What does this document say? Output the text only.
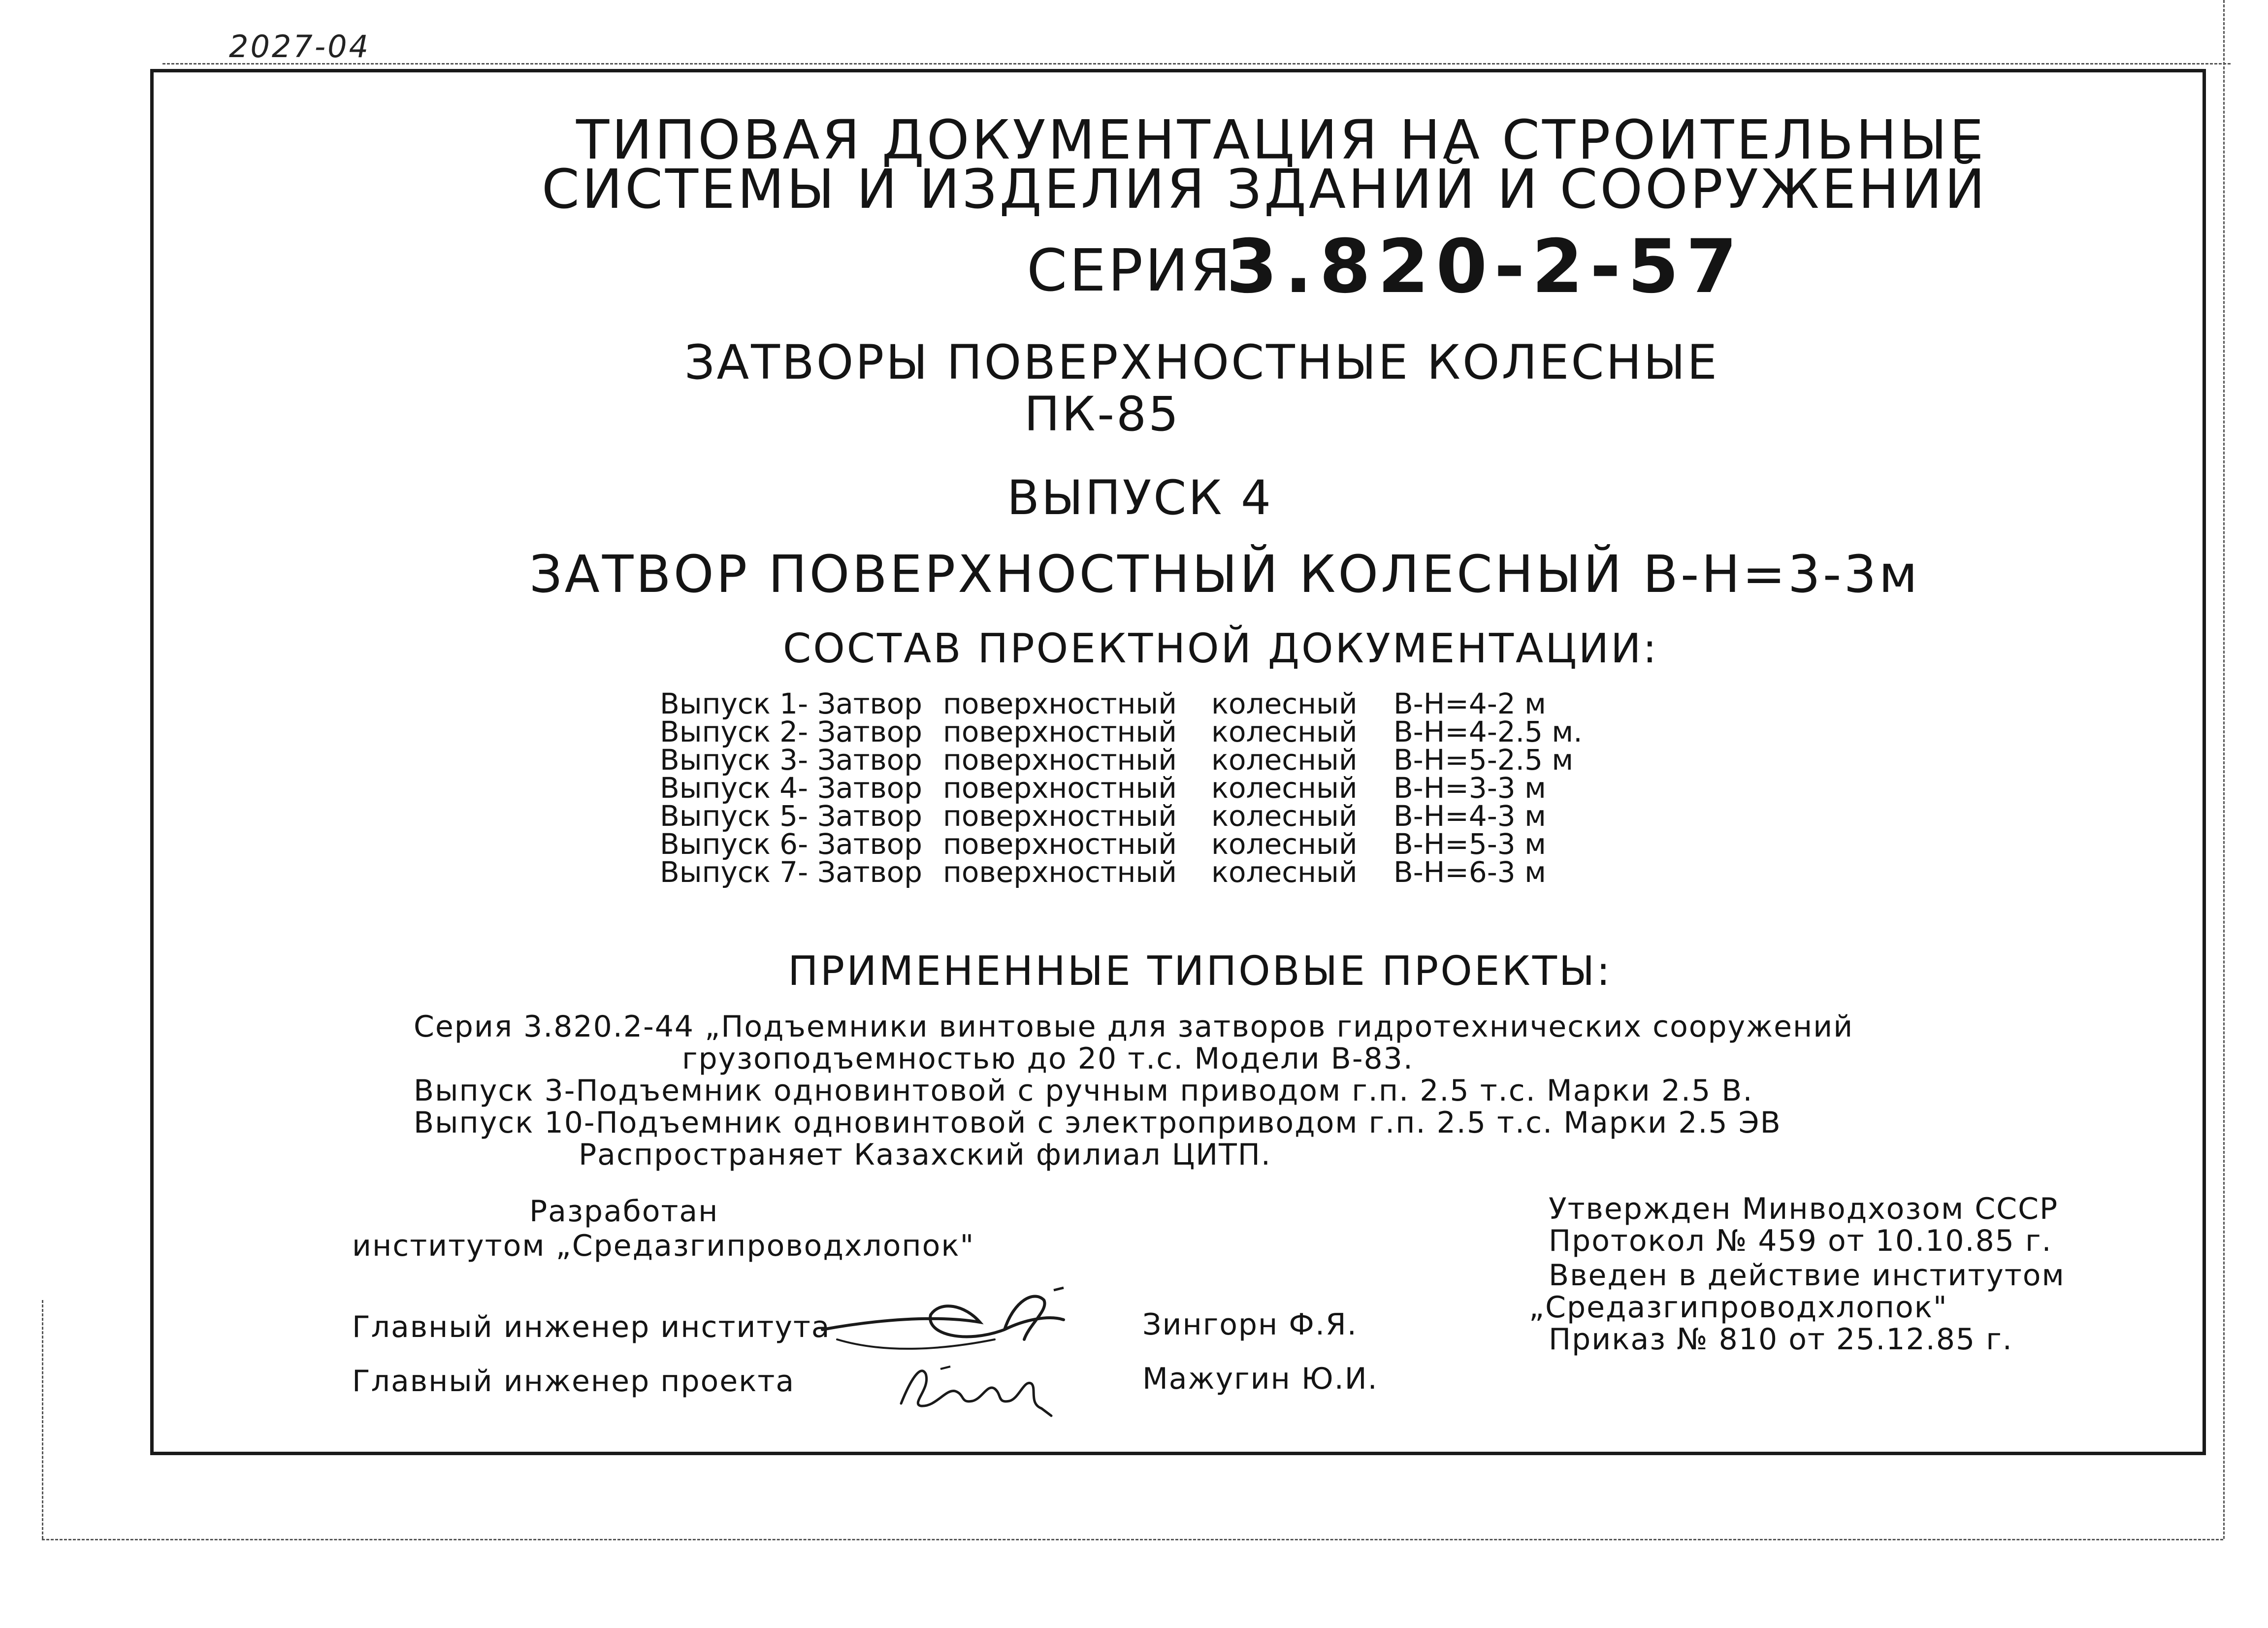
2027-04
ТИПОВАЯ ДОКУМЕНТАЦИЯ НА СТРОИТЕЛЬНЫЕ
СИСТЕМЫ И ИЗДЕЛИЯ ЗДАНИЙ И СООРУЖЕНИЙ
СЕРИЯ
3.820-2-57
ЗАТВОРЫ ПОВЕРХНОСТНЫЕ КОЛЕСНЫЕ
ПК-85
ВЫПУСК 4
ЗАТВОР ПОВЕРХНОСТНЫЙ КОЛЕСНЫЙ В-Н=3-3м
СОСТАВ ПРОЕКТНОЙ ДОКУМЕНТАЦИИ:
Выпуск 1- Затвор поверхностный колесный В-Н=4-2 м
Выпуск 2- Затвор поверхностный колесный В-Н=4-2.5 м.
Выпуск 3- Затвор поверхностный колесный В-Н=5-2.5 м
Выпуск 4- Затвор поверхностный колесный В-Н=3-3 м
Выпуск 5- Затвор поверхностный колесный В-Н=4-3 м
Выпуск 6- Затвор поверхностный колесный В-Н=5-3 м
Выпуск 7- Затвор поверхностный колесный В-Н=6-3 м
ПРИМЕНЕННЫЕ ТИПОВЫЕ ПРОЕКТЫ:
Серия 3.820.2-44 „Подъемники винтовые для затворов гидротехнических сооружений
грузоподъемностью до 20 т.с. Модели В-83.
Выпуск 3-Подъемник одновинтовой с ручным приводом г.п. 2.5 т.с. Марки 2.5 В.
Выпуск 10-Подъемник одновинтовой с электроприводом г.п. 2.5 т.с. Марки 2.5 ЭВ
Распространяет Казахский филиал ЦИТП.
Разработан
институтом „Средазгипроводхлопок"
Утвержден Минводхозом СССР
Протокол № 459 от 10.10.85 г.
Введен в действие институтом
„Средазгипроводхлопок"
Приказ № 810 от 25.12.85 г.
Главный инженер института	Зингорн Ф.Я.
Главный инженер проекта	Мажугин Ю.И.
